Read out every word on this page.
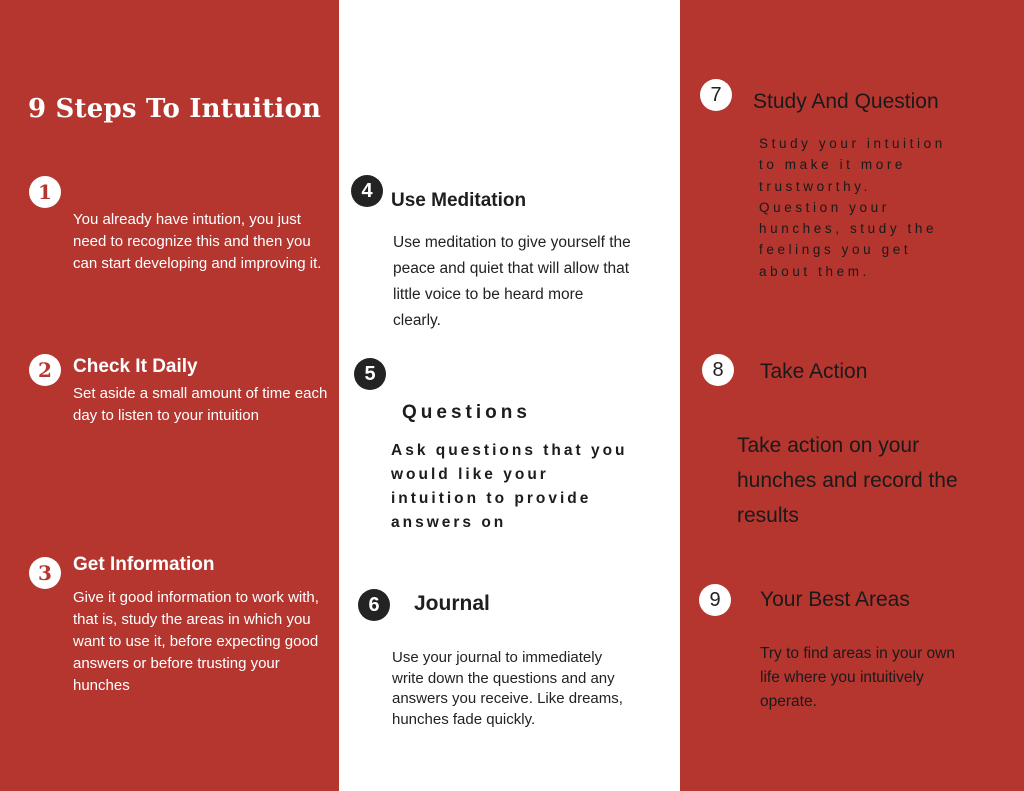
9 Steps To Intuition
1

You already have intution, you just need to recognize this and then you can start developing and improving it.

2	Check It Daily

Set aside a small amount of time each day to listen to your intuition

3	Get Information

Give it good information to work with, that is, study the areas in which you want to use it, before expecting good answers or before trusting your hunches

4 Use Meditation

Use meditation to give yourself the peace and quiet that will allow that little voice to be heard more clearly.

5
Questions

Ask questions that you would like your intuition to provide answers on

6	Journal

Use your journal to immediately write down the questions and any answers you receive. Like dreams, hunches fade quickly.

7	Study And Question

Study your intuition to make it more trustworthy. Question your hunches, study the feelings you get about them.

8	Take Action

Take action on your hunches and record the results

9	Your Best Areas

Try to find areas in your own life where you intuitively operate.
